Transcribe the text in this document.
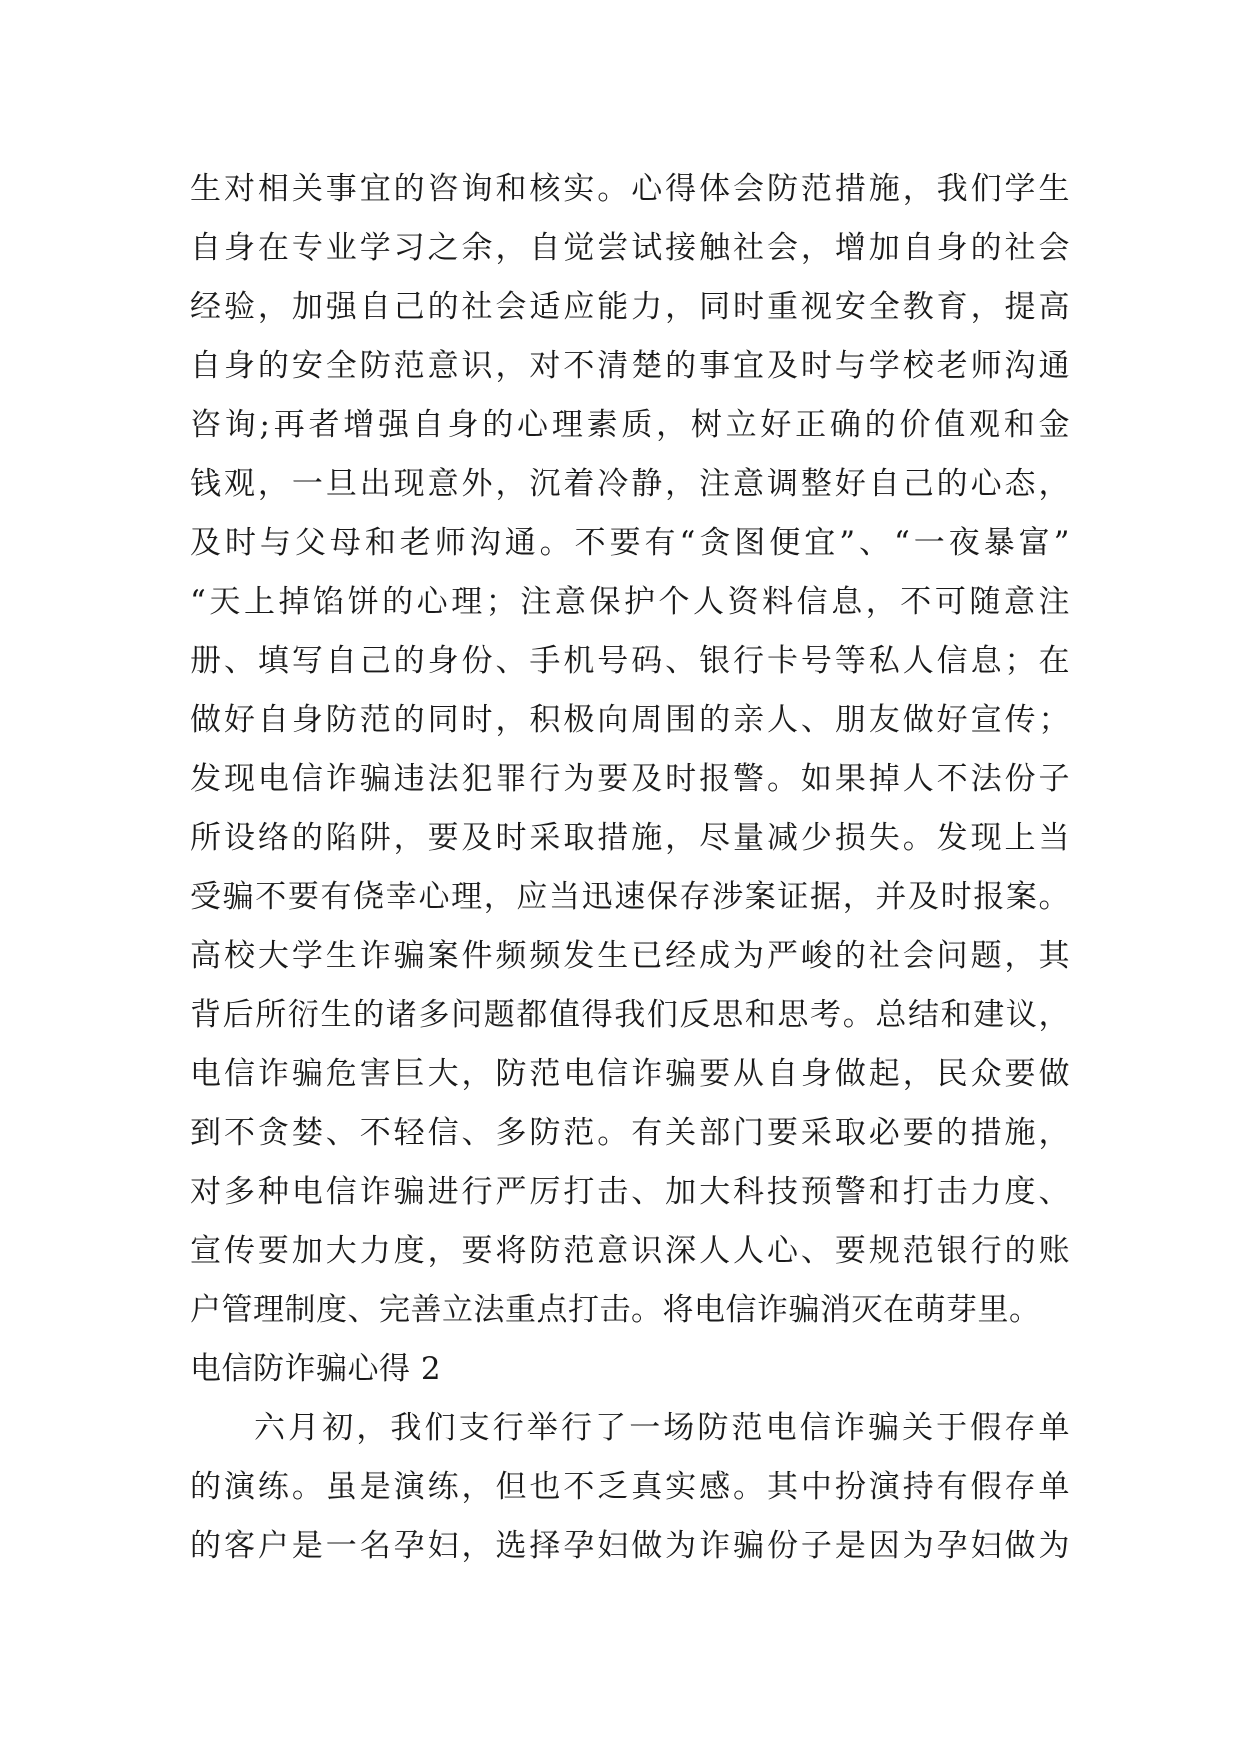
生对相关事宜的咨询和核实。心得体会防范措施，我们学生
自身在专业学习之余，自觉尝试接触社会，增加自身的社会
经验，加强自己的社会适应能力，同时重视安全教育，提高
自身的安全防范意识，对不清楚的事宜及时与学校老师沟通
咨询;再者增强自身的心理素质，树立好正确的价值观和金
钱观，一旦出现意外，沉着冷静，注意调整好自己的心态，
及时与父母和老师沟通。不要有“贪图便宜”、“一夜暴富”
“天上掉馅饼的心理；注意保护个人资料信息，不可随意注
册、填写自己的身份、手机号码、银行卡号等私人信息；在
做好自身防范的同时，积极向周围的亲人、朋友做好宣传；
发现电信诈骗违法犯罪行为要及时报警。如果掉人不法份子
所设络的陷阱，要及时采取措施，尽量减少损失。发现上当
受骗不要有侥幸心理，应当迅速保存涉案证据，并及时报案。
高校大学生诈骗案件频频发生已经成为严峻的社会问题，其
背后所衍生的诸多问题都值得我们反思和思考。总结和建议，
电信诈骗危害巨大，防范电信诈骗要从自身做起，民众要做
到不贪婪、不轻信、多防范。有关部门要采取必要的措施，
对多种电信诈骗进行严厉打击、加大科技预警和打击力度、
宣传要加大力度，要将防范意识深人人心、要规范银行的账
户管理制度、完善立法重点打击。将电信诈骗消灭在萌芽里。
电信防诈骗心得 2
六月初，我们支行举行了一场防范电信诈骗关于假存单
的演练。虽是演练，但也不乏真实感。其中扮演持有假存单
的客户是一名孕妇，选择孕妇做为诈骗份子是因为孕妇做为
